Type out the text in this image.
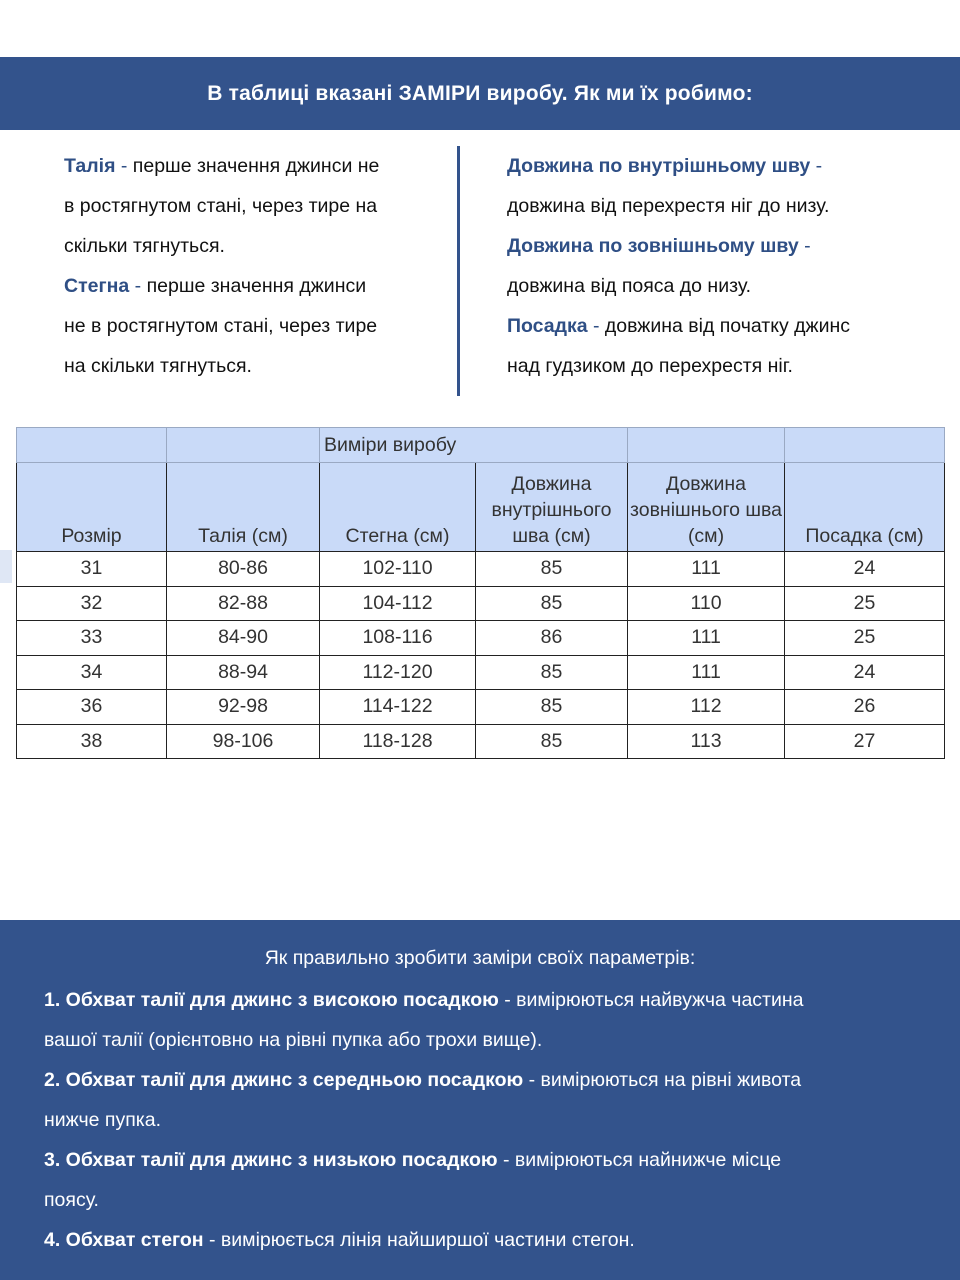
В таблиці вказані ЗАМІРИ виробу. Як ми їх робимо:
Талія - перше значення джинси не
в ростягнутом стані, через тире на
скільки тягнуться.
Стегна - перше значення джинси
не в ростягнутом стані, через тире
на скільки тягнуться.
Довжина по внутрішньому шву -
довжина від перехрестя ніг до низу.
Довжина по зовнішньому шву -
довжина від пояса до низу.
Посадка - довжина від початку джинс
над гудзиком до перехрестя ніг.
		Виміри виробу			
Розмір	Талія (см)	Стегна (см)	Довжина внутрішнього шва (см)	Довжина зовнішнього шва (см)	Посадка (см)
31	80-86	102-110	85	111	24
32	82-88	104-112	85	110	25
33	84-90	108-116	86	111	25
34	88-94	112-120	85	111	24
36	92-98	114-122	85	112	26
38	98-106	118-128	85	113	27
Як правильно зробити заміри своїх параметрів:

1. Обхват талії для джинс з високою посадкою - вимірюються найвужча частина

вашої талії (орієнтовно на рівні пупка або трохи вище).

2. Обхват талії для джинс з середньою посадкою - вимірюються на рівні живота

нижче пупка.

3. Обхват талії для джинс з низькою посадкою - вимірюються найнижче місце

поясу.

4. Обхват стегон - вимірюється лінія найширшої частини стегон.
